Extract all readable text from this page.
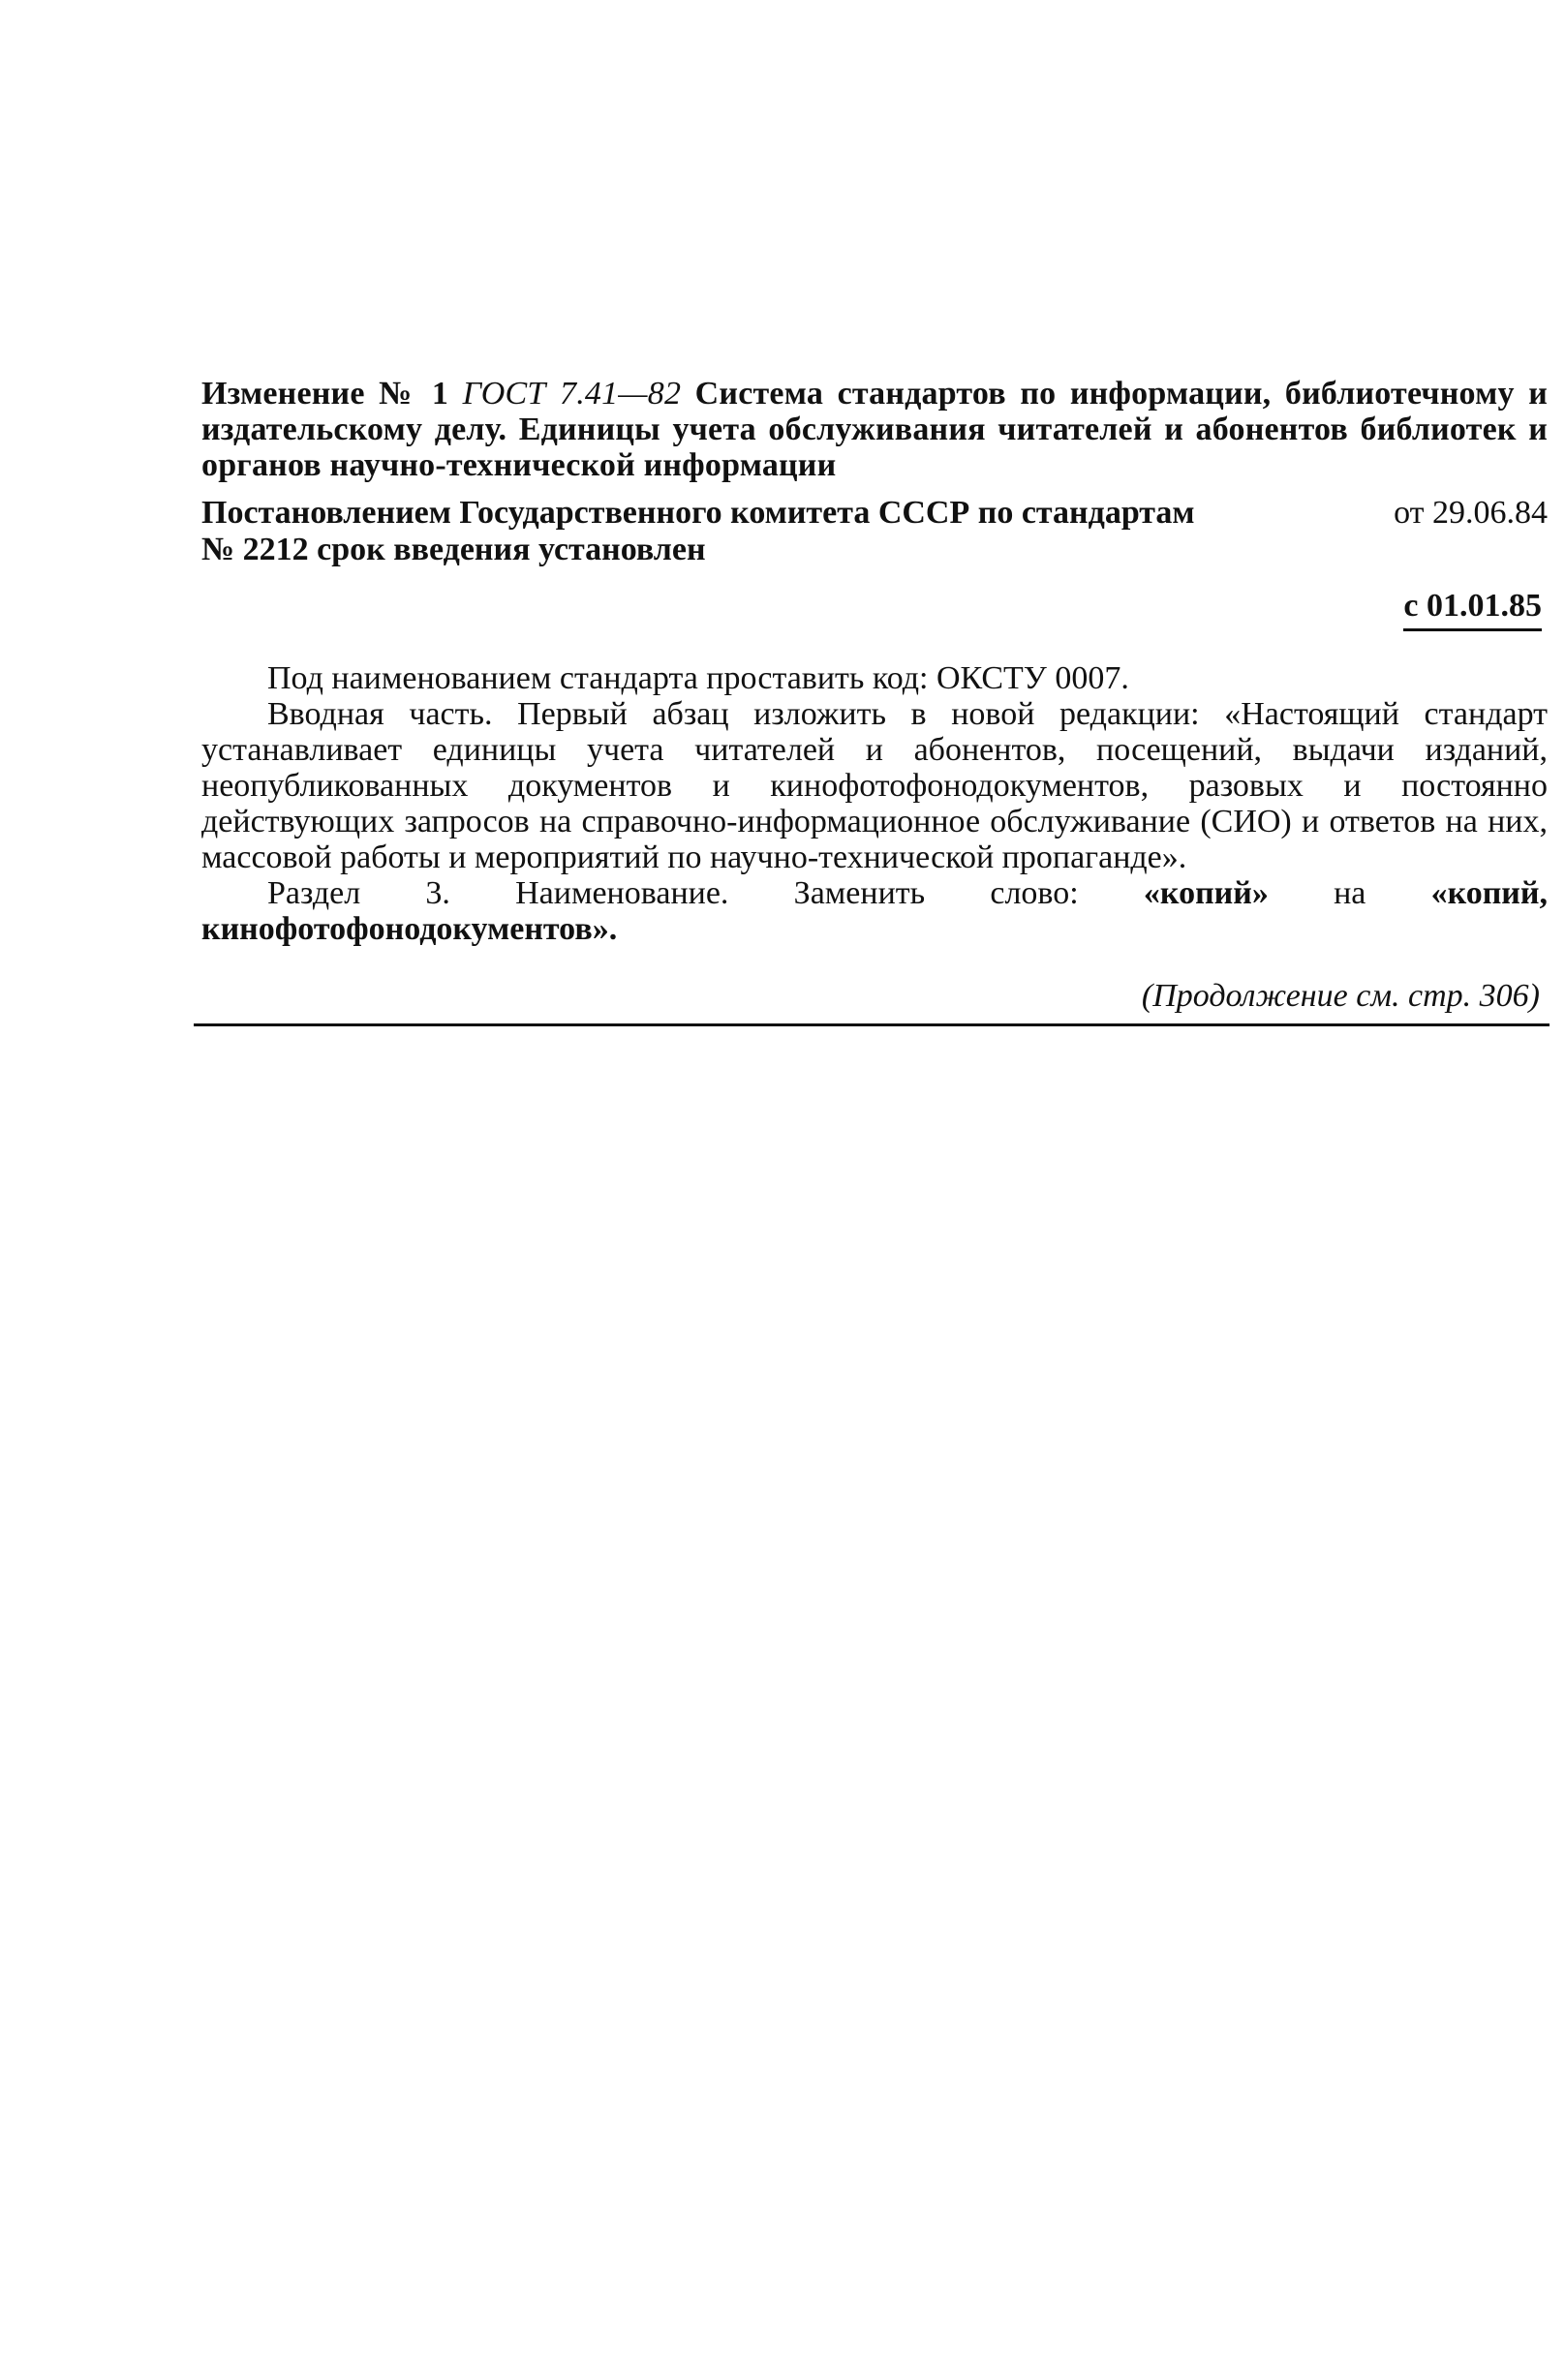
Изменение № 1 ГОСТ 7.41—82 Система стандартов по информации, библиотечному и издательскому делу. Единицы учета обслуживания читателей и абонентов библиотек и органов научно-технической информации

Постановлением Государственного комитета СССР по стандартам	от 29.06.84
№ 2212 срок введения установлен
с 01.01.85

Под наименованием стандарта проставить код: ОКСТУ 0007.

Вводная часть. Первый абзац изложить в новой редакции: «Настоящий стандарт устанавливает единицы учета читателей и абонентов, посещений, выдачи изданий, неопубликованных документов и кинофотофонодокументов, разовых и постоянно действующих запросов на справочно-информационное обслуживание (СИО) и ответов на них, массовой работы и мероприятий по научно-технической пропаганде».

Раздел 3. Наименование. Заменить слово: «копий» на «копий, кинофотофонодокументов».

(Продолжение см. стр. 306)
